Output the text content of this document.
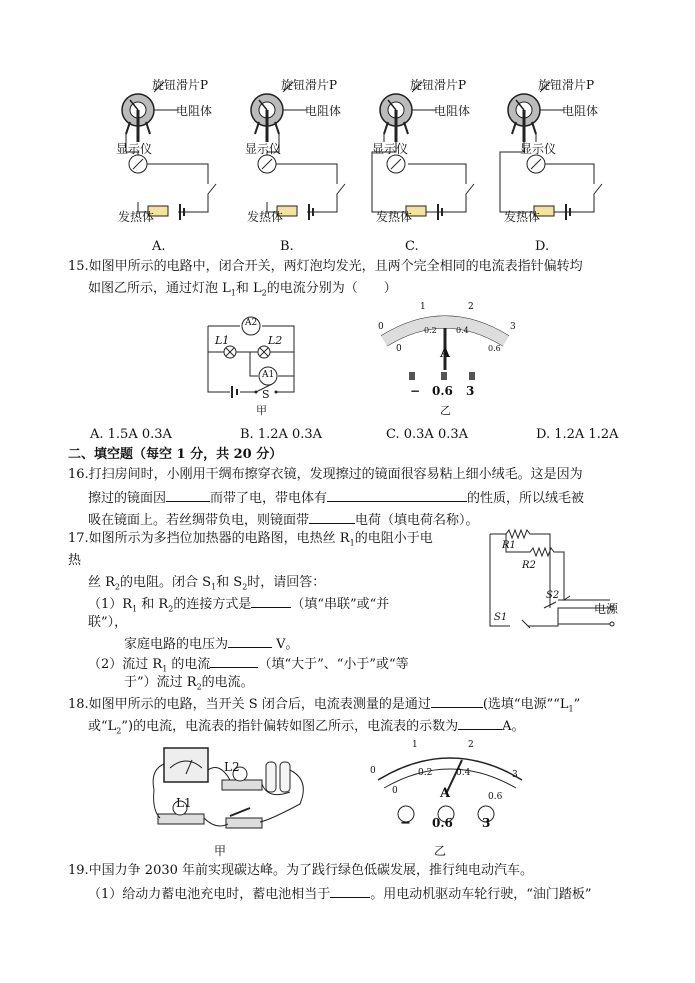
旋钮滑片P
电阻体
显示仪
发热体
旋钮滑片P
电阻体
显示仪
发热体
旋钮滑片P
电阻体
显示仪
发热体
旋钮滑片P
电阻体
显示仪
发热体
A.	B.	C.	D.
15.如图甲所示的电路中，闭合开关，两灯泡均发光，且两个完全相同的电流表指针偏转均
如图乙所示，通过灯泡 $L_1$和 $L_2$的电流分别为（ ）
A2
L1	L2
A1
S
甲
0
1	2
3
0
0.2 0.4
0.6
A
− 0.6 3
乙
A. 1.5A 0.3A	B. 1.2A 0.3A	C. 0.3A 0.3A	D. 1.2A 1.2A
二、填空题（每空 1 分，共 20 分）
16.打扫房间时，小刚用干绸布擦穿衣镜，发现擦过的镜面很容易粘上细小绒毛。这是因为
擦过的镜面因	而带了电，带电体有	的性质，所以绒毛被
吸在镜面上。若丝绸带负电，则镜面带	电荷（填电荷名称）。
17.如图所示为多挡位加热器的电路图，电热丝 $R_1$的电阻小于电
热
丝 $R_2$的电阻。闭合 $S_1$和 $S_2$时，请回答：
$(1)R_1$ 和 $R_2$的连接方式是	（填“串联”或“并
联”），
家庭电路的电压为	V。
（2）流过 $R_1$ 的电流	（填“大于”、“小于”或“等
于”）流过 $R_2$的电流。
R1
R2
S2
S1
电源
18.如图甲所示的电路，当开关 S 闭合后，电流表测量的是通过	(选填“电源$”“L_1$”
或“$L_2$”)的电流，电流表的指针偏转如图乙所示，电流表的示数为	A。
L2
L1
甲
0
1	2
3
0
0.2	0.4
0.6
A
− 0.6 3
乙
19.中国力争 2030 年前实现碳达峰。为了践行绿色低碳发展，推行纯电动汽车。
（1）给动力蓄电池充电时，蓄电池相当于	。用电动机驱动车轮行驶，“油门踏板”
